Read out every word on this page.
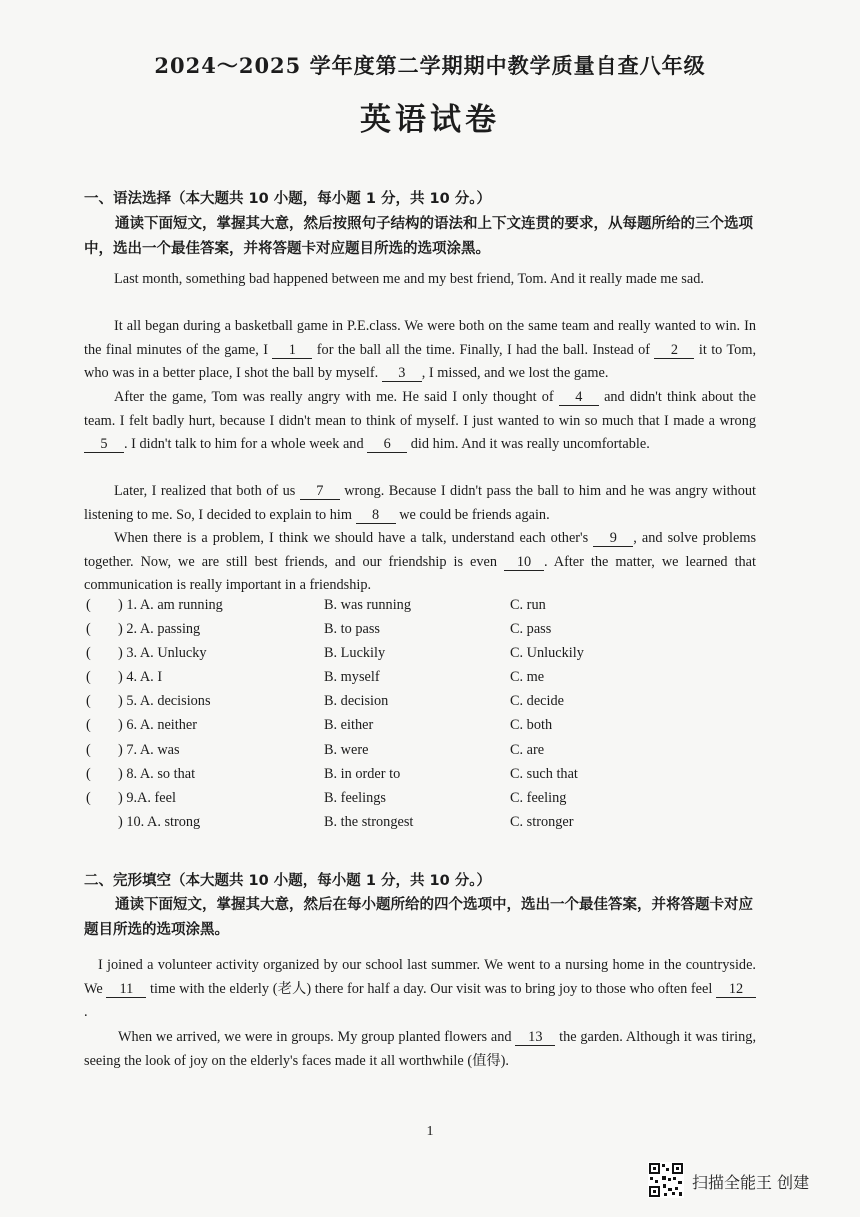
2024～2025 学年度第二学期期中教学质量自查八年级
英语试卷
一、语法选择（本大题共 10 小题，每小题 1 分，共 10 分。）
通读下面短文，掌握其大意，然后按照句子结构的语法和上下文连贯的要求，从每题所给的三个选项中，选出一个最佳答案，并将答题卡对应题目所选的选项涂黑。
Last month, something bad happened between me and my best friend, Tom. And it really made me sad.
It all began during a basketball game in P.E.class. We were both on the same team and really wanted to win. In the final minutes of the game, I 1 for the ball all the time. Finally, I had the ball. Instead of 2 it to Tom, who was in a better place, I shot the ball by myself. 3 , I missed, and we lost the game.
After the game, Tom was really angry with me. He said I only thought of 4 and didn't think about the team. I felt badly hurt, because I didn't mean to think of myself. I just wanted to win so much that I made a wrong 5 . I didn't talk to him for a whole week and 6 did him. And it was really uncomfortable.
Later, I realized that both of us 7 wrong. Because I didn't pass the ball to him and he was angry without listening to me. So, I decided to explain to him 8 we could be friends again.
When there is a problem, I think we should have a talk, understand each other's 9 , and solve problems together. Now, we are still best friends, and our friendship is even 10 . After the matter, we learned that communication is really important in a friendship.
( ) 1. A. am running	B. was running	C. run
( ) 2. A. passing	B. to pass	C. pass
( ) 3. A. Unlucky	B. Luckily	C. Unluckily
( ) 4. A. I	B. myself	C. me
( ) 5. A. decisions	B. decision	C. decide
( ) 6. A. neither	B. either	C. both
( ) 7. A. was	B. were	C. are
( ) 8. A. so that	B. in order to	C. such that
( ) 9.A. feel	B. feelings	C. feeling
) 10. A. strong	B. the strongest	C. stronger
二、完形填空（本大题共 10 小题，每小题 1 分，共 10 分。）
通读下面短文，掌握其大意，然后在每小题所给的四个选项中，选出一个最佳答案，并将答题卡对应题目所选的选项涂黑。
I joined a volunteer activity organized by our school last summer. We went to a nursing home in the countryside. We 11 time with the elderly (老人) there for half a day. Our visit was to bring joy to those who often feel 12.
When we arrived, we were in groups. My group planted flowers and 13 the garden. Although it was tiring, seeing the look of joy on the elderly's faces made it all worthwhile (值得).
1
扫描全能王 创建
